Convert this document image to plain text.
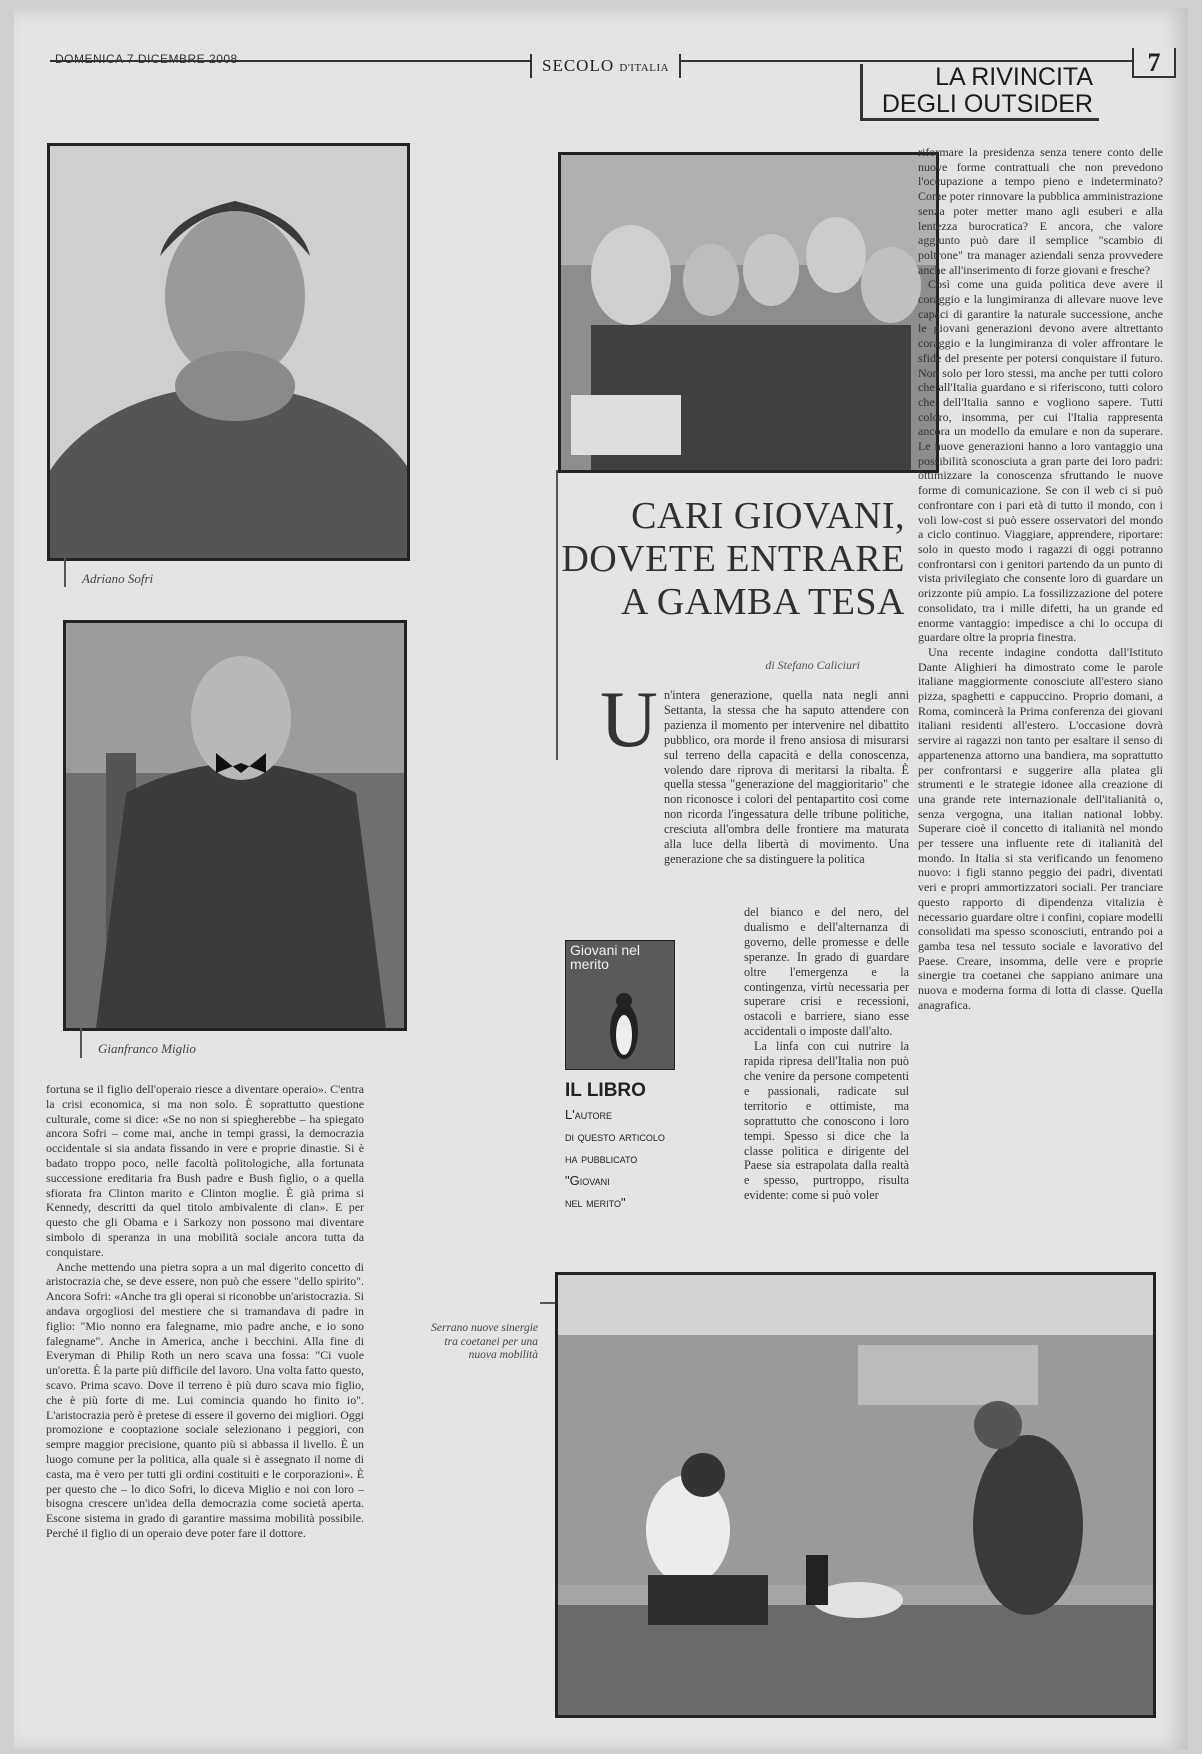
DOMENICA 7 DICEMBRE 2008	SECOLO D'ITALIA	LA RIVINCITA
DEGLI OUTSIDER
7
Adriano Sofri
Gianfranco Miglio
CARI GIOVANI,
DOVETE ENTRARE
A GAMBA TESA
di Stefano Caliciuri
U n'intera generazione, quella nata negli anni Settanta, la stessa che ha saputo attendere con pazienza il momento per intervenire nel dibattito pubblico, ora morde il freno ansiosa di misurarsi sul terreno della capacità e della conoscenza, volendo dare riprova di meritarsi la ribalta. È quella stessa "generazione del maggioritario" che non riconosce i colori del pentapartito così come non ricorda l'ingessatura delle tribune politiche, cresciuta all'ombra delle frontiere ma maturata alla luce della libertà di movimento. Una generazione che sa distinguere la politica

del bianco e del nero, del dualismo e dell'alternanza di governo, delle promesse e delle speranze. In grado di guardare oltre l'emergenza e la contingenza, virtù necessaria per superare crisi e recessioni, ostacoli e barriere, siano esse accidentali o imposte dall'alto.

La linfa con cui nutrire la rapida ripresa dell'Italia non può che venire da persone competenti e passionali, radicate sul territorio e ottimiste, ma soprattutto che conoscono i loro tempi. Spesso si dice che la classe politica e dirigente del Paese sia estrapolata dalla realtà e spesso, purtroppo, risulta evidente: come si può voler

Giovani nel merito
IL LIBRO
L'autore
di questo articolo
ha pubblicato
"Giovani
nel merito"

riformare la presidenza senza tenere conto delle nuove forme contrattuali che non prevedono l'occupazione a tempo pieno e indeterminato? Come poter rinnovare la pubblica amministrazione senza poter metter mano agli esuberi e alla lentezza burocratica? E ancora, che valore aggiunto può dare il semplice "scambio di poltrone" tra manager aziendali senza provvedere anche all'inserimento di forze giovani e fresche?

Così come una guida politica deve avere il coraggio e la lungimiranza di allevare nuove leve capaci di garantire la naturale successione, anche le giovani generazioni devono avere altrettanto coraggio e la lungimiranza di voler affrontare le sfide del presente per potersi conquistare il futuro. Non solo per loro stessi, ma anche per tutti coloro che all'Italia guardano e si riferiscono, tutti coloro che dell'Italia sanno e vogliono sapere. Tutti coloro, insomma, per cui l'Italia rappresenta ancora un modello da emulare e non da superare. Le nuove generazioni hanno a loro vantaggio una possibilità sconosciuta a gran parte dei loro padri: ottimizzare la conoscenza sfruttando le nuove forme di comunicazione. Se con il web ci si può confrontare con i pari età di tutto il mondo, con i voli low-cost si può essere osservatori del mondo a ciclo continuo. Viaggiare, apprendere, riportare: solo in questo modo i ragazzi di oggi potranno confrontarsi con i genitori partendo da un punto di vista privilegiato che consente loro di guardare un orizzonte più ampio. La fossilizzazione del potere consolidato, tra i mille difetti, ha un grande ed enorme vantaggio: impedisce a chi lo occupa di guardare oltre la propria finestra.

Una recente indagine condotta dall'Istituto Dante Alighieri ha dimostrato come le parole italiane maggiormente conosciute all'estero siano pizza, spaghetti e cappuccino. Proprio domani, a Roma, comincerà la Prima conferenza dei giovani italiani residenti all'estero. L'occasione dovrà servire ai ragazzi non tanto per esaltare il senso di appartenenza attorno una bandiera, ma soprattutto per confrontarsi e suggerire alla platea gli strumenti e le strategie idonee alla creazione di una grande rete internazionale dell'italianità o, senza vergogna, una italian national lobby. Superare cioè il concetto di italianità nel mondo per tessere una influente rete di italianità del mondo. In Italia si sta verificando un fenomeno nuovo: i figli stanno peggio dei padri, diventati veri e propri ammortizzatori sociali. Per tranciare questo rapporto di dipendenza vitalizia è necessario guardare oltre i confini, copiare modelli consolidati ma spesso sconosciuti, entrando poi a gamba tesa nel tessuto sociale e lavorativo del Paese. Creare, insomma, delle vere e proprie sinergie tra coetanei che sappiano animare una nuova e moderna forma di lotta di classe. Quella anagrafica.

fortuna se il figlio dell'operaio riesce a diventare operaio». C'entra la crisi economica, si ma non solo. È soprattutto questione culturale, come si dice: «Se no non si spiegherebbe – ha spiegato ancora Sofri – come mai, anche in tempi grassi, la democrazia occidentale si sia andata fissando in vere e proprie dinastie. Si è badato troppo poco, nelle facoltà politologiche, alla fortunata successione ereditaria fra Bush padre e Bush figlio, o a quella sfiorata fra Clinton marito e Clinton moglie. È già prima si Kennedy, descritti da quel titolo ambivalente di clan». E per questo che gli Obama e i Sarkozy non possono mai diventare simbolo di speranza in una mobilità sociale ancora tutta da conquistare.

Anche mettendo una pietra sopra a un mal digerito concetto di aristocrazia che, se deve essere, non può che essere "dello spirito". Ancora Sofri: «Anche tra gli operai si riconobbe un'aristocrazia. Si andava orgogliosi del mestiere che si tramandava di padre in figlio: "Mio nonno era falegname, mio padre anche, e io sono falegname". Anche in America, anche i becchini. Alla fine di Everyman di Philip Roth un nero scava una fossa: "Ci vuole un'oretta. È la parte più difficile del lavoro. Una volta fatto questo, scavo. Prima scavo. Dove il terreno è più duro scava mio figlio, che è più forte di me. Lui comincia quando ho finito io". L'aristocrazia però è pretese di essere il governo dei migliori. Oggi promozione e cooptazione sociale selezionano i peggiori, con sempre maggior precisione, quanto più si abbassa il livello. È un luogo comune per la politica, alla quale si è assegnato il nome di casta, ma è vero per tutti gli ordini costituiti e le corporazioni». È per questo che – lo dico Sofri, lo diceva Miglio e noi con loro – bisogna crescere un'idea della democrazia come società aperta. Escone sistema in grado di garantire massima mobilità possibile. Perché il figlio di un operaio deve poter fare il dottore.

Serrano nuove sinergie tra coetanei per una nuova mobilità
